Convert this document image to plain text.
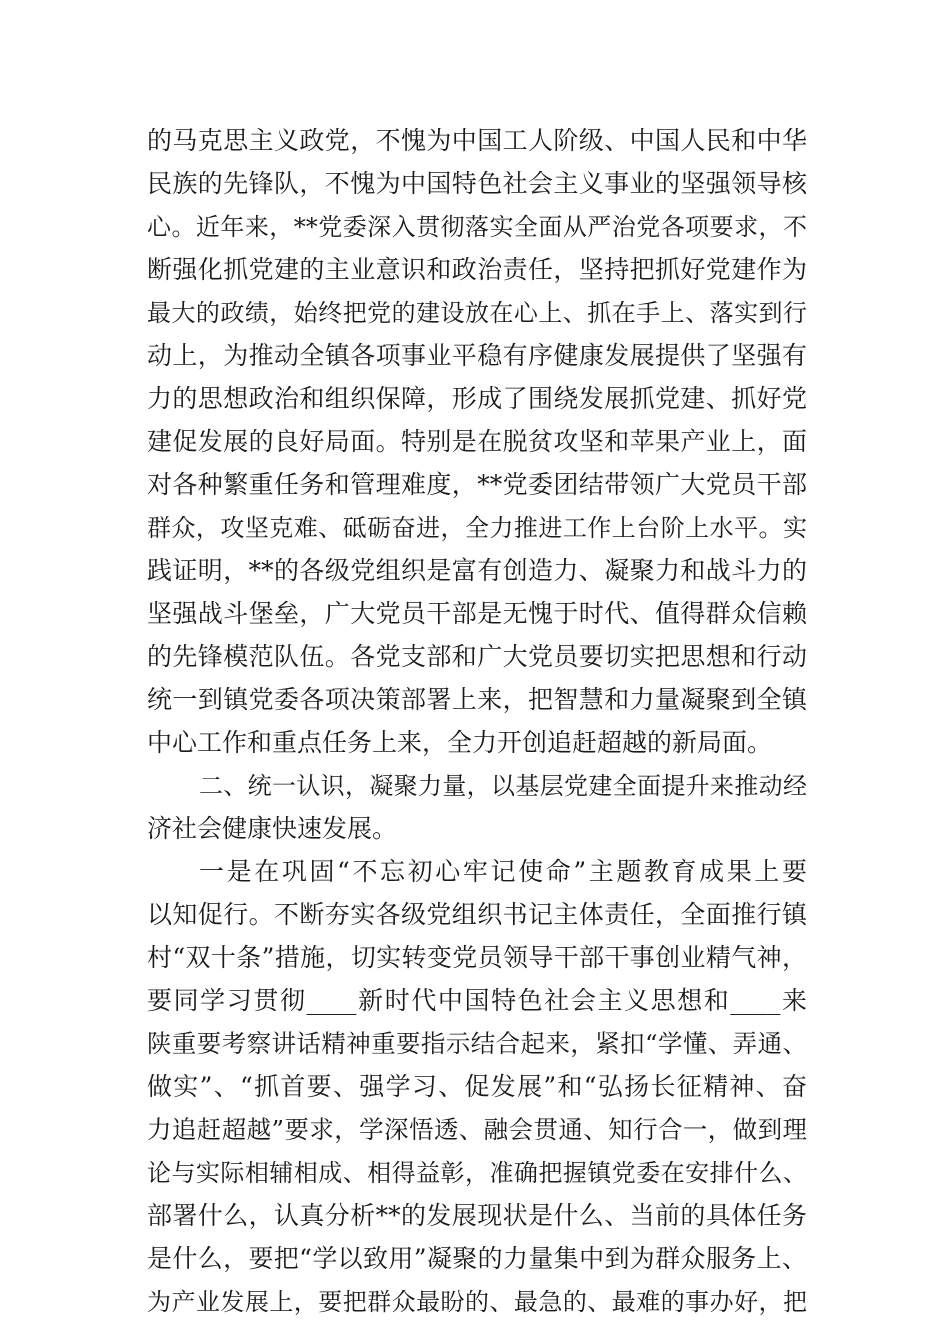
的马克思主义政党，不愧为中国工人阶级、中国人民和中华
民族的先锋队，不愧为中国特色社会主义事业的坚强领导核
心。近年来，**党委深入贯彻落实全面从严治党各项要求，不
断强化抓党建的主业意识和政治责任，坚持把抓好党建作为
最大的政绩，始终把党的建设放在心上、抓在手上、落实到行
动上，为推动全镇各项事业平稳有序健康发展提供了坚强有
力的思想政治和组织保障，形成了围绕发展抓党建、抓好党
建促发展的良好局面。特别是在脱贫攻坚和苹果产业上，面
对各种繁重任务和管理难度，**党委团结带领广大党员干部
群众，攻坚克难、砥砺奋进，全力推进工作上台阶上水平。实
践证明，**的各级党组织是富有创造力、凝聚力和战斗力的
坚强战斗堡垒，广大党员干部是无愧于时代、值得群众信赖
的先锋模范队伍。各党支部和广大党员要切实把思想和行动
统一到镇党委各项决策部署上来，把智慧和力量凝聚到全镇
中心工作和重点任务上来，全力开创追赶超越的新局面。
二、统一认识，凝聚力量，以基层党建全面提升来推动经
济社会健康快速发展。
一是在巩固“不忘初心牢记使命”主题教育成果上要
以知促行。不断夯实各级党组织书记主体责任，全面推行镇
村“双十条”措施，切实转变党员领导干部干事创业精气神，
要同学习贯彻____新时代中国特色社会主义思想和____来
陕重要考察讲话精神重要指示结合起来，紧扣“学懂、弄通、
做实”、“抓首要、强学习、促发展”和“弘扬长征精神、奋
力追赶超越”要求，学深悟透、融会贯通、知行合一，做到理
论与实际相辅相成、相得益彰，准确把握镇党委在安排什么、
部署什么，认真分析**的发展现状是什么、当前的具体任务
是什么，要把“学以致用”凝聚的力量集中到为群众服务上、
为产业发展上，要把群众最盼的、最急的、最难的事办好，把
